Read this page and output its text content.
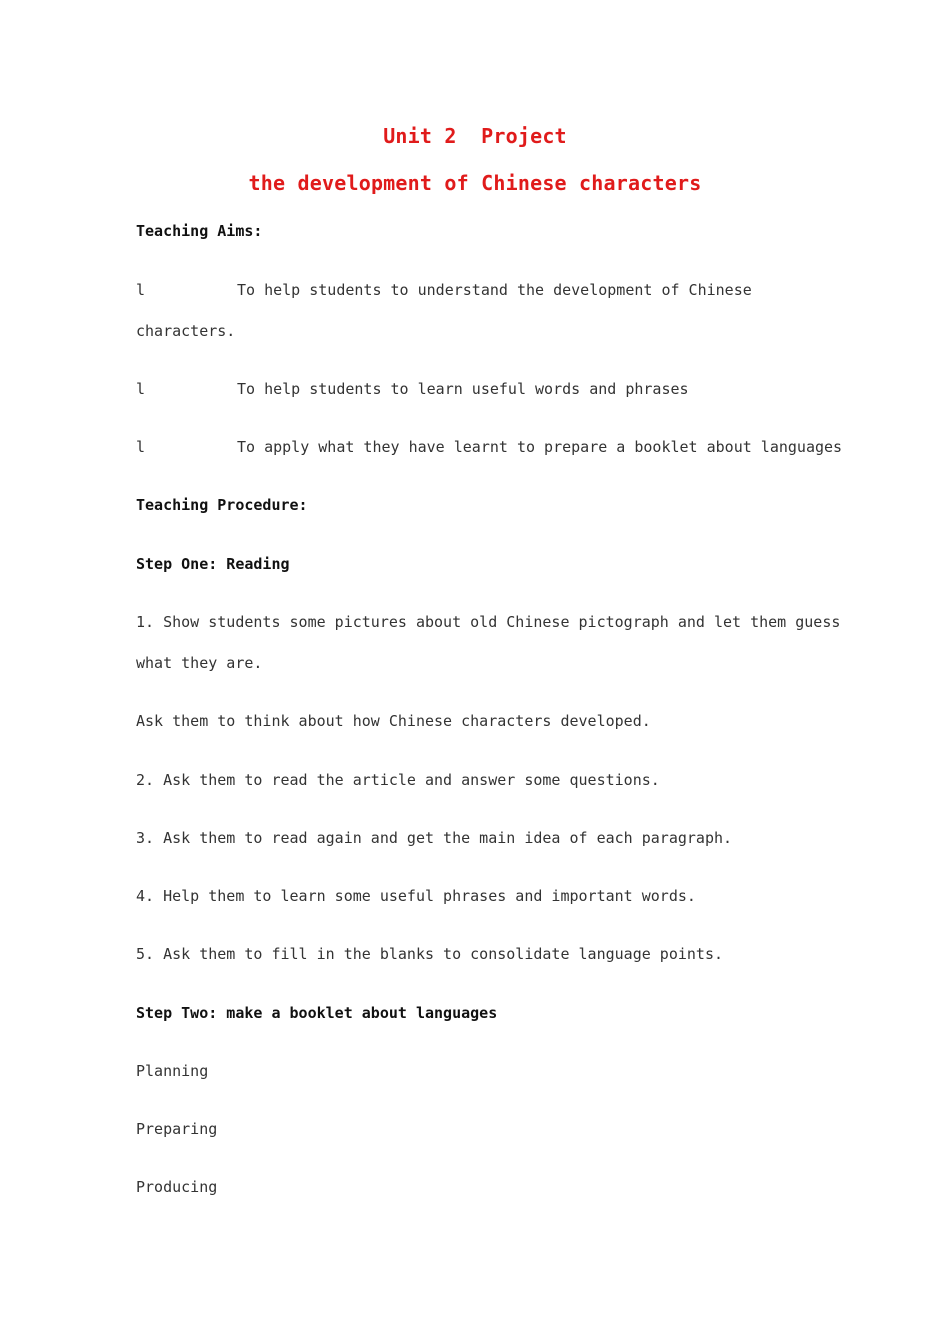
Unit 2  Project
the development of Chinese characters
Teaching Aims:
l	To help students to understand the development of Chinese
characters.
l	To help students to learn useful words and phrases
l	To apply what they have learnt to prepare a booklet about languages
Teaching Procedure:
Step One: Reading
1. Show students some pictures about old Chinese pictograph and let them guess
what they are.
Ask them to think about how Chinese characters developed.
2. Ask them to read the article and answer some questions.
3. Ask them to read again and get the main idea of each paragraph.
4. Help them to learn some useful phrases and important words.
5. Ask them to fill in the blanks to consolidate language points.
Step Two: make a booklet about languages
Planning
Preparing
Producing
